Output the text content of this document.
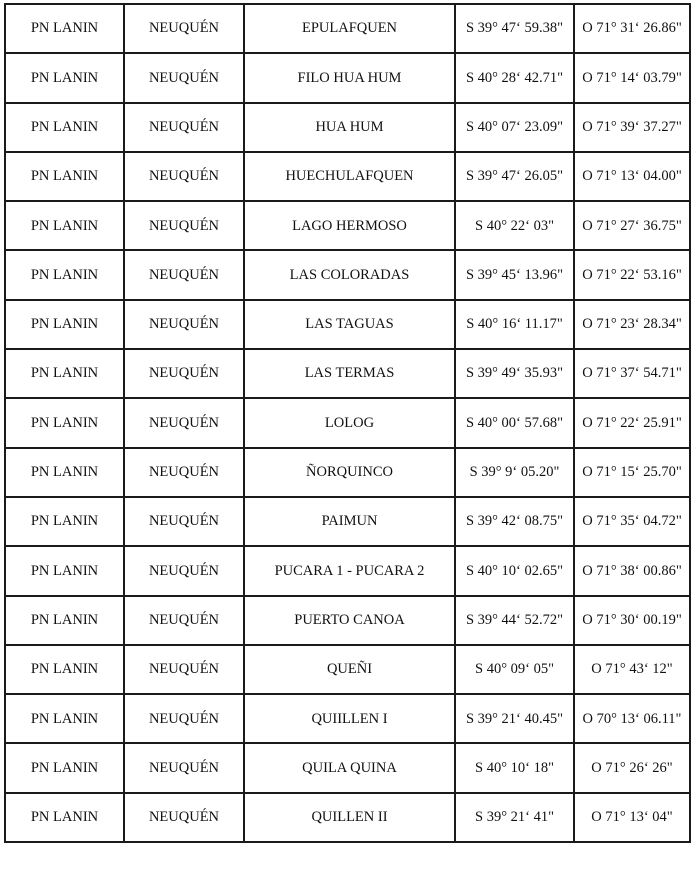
PN LANIN	NEUQUÉN	EPULAFQUEN	S 39° 47‘ 59.38"	O 71° 31‘ 26.86"
PN LANIN	NEUQUÉN	FILO HUA HUM	S 40° 28‘ 42.71"	O 71° 14‘ 03.79"
PN LANIN	NEUQUÉN	HUA HUM	S 40° 07‘ 23.09"	O 71° 39‘ 37.27"
PN LANIN	NEUQUÉN	HUECHULAFQUEN	S 39° 47‘ 26.05"	O 71° 13‘ 04.00"
PN LANIN	NEUQUÉN	LAGO HERMOSO	S 40° 22‘ 03"	O 71° 27‘ 36.75"
PN LANIN	NEUQUÉN	LAS COLORADAS	S 39° 45‘ 13.96"	O 71° 22‘ 53.16"
PN LANIN	NEUQUÉN	LAS TAGUAS	S 40° 16‘ 11.17"	O 71° 23‘ 28.34"
PN LANIN	NEUQUÉN	LAS TERMAS	S 39° 49‘ 35.93"	O 71° 37‘ 54.71"
PN LANIN	NEUQUÉN	LOLOG	S 40° 00‘ 57.68"	O 71° 22‘ 25.91"
PN LANIN	NEUQUÉN	ÑORQUINCO	S 39° 9‘ 05.20"	O 71° 15‘ 25.70"
PN LANIN	NEUQUÉN	PAIMUN	S 39° 42‘ 08.75"	O 71° 35‘ 04.72"
PN LANIN	NEUQUÉN	PUCARA 1 - PUCARA 2	S 40° 10‘ 02.65"	O 71° 38‘ 00.86"
PN LANIN	NEUQUÉN	PUERTO CANOA	S 39° 44‘ 52.72"	O 71° 30‘ 00.19"
PN LANIN	NEUQUÉN	QUEÑI	S 40° 09‘ 05"	O 71° 43‘ 12"
PN LANIN	NEUQUÉN	QUIILLEN I	S 39° 21‘ 40.45"	O 70° 13‘ 06.11"
PN LANIN	NEUQUÉN	QUILA QUINA	S 40° 10‘ 18"	O 71° 26‘ 26"
PN LANIN	NEUQUÉN	QUILLEN II	S 39° 21‘ 41"	O 71° 13‘ 04"
